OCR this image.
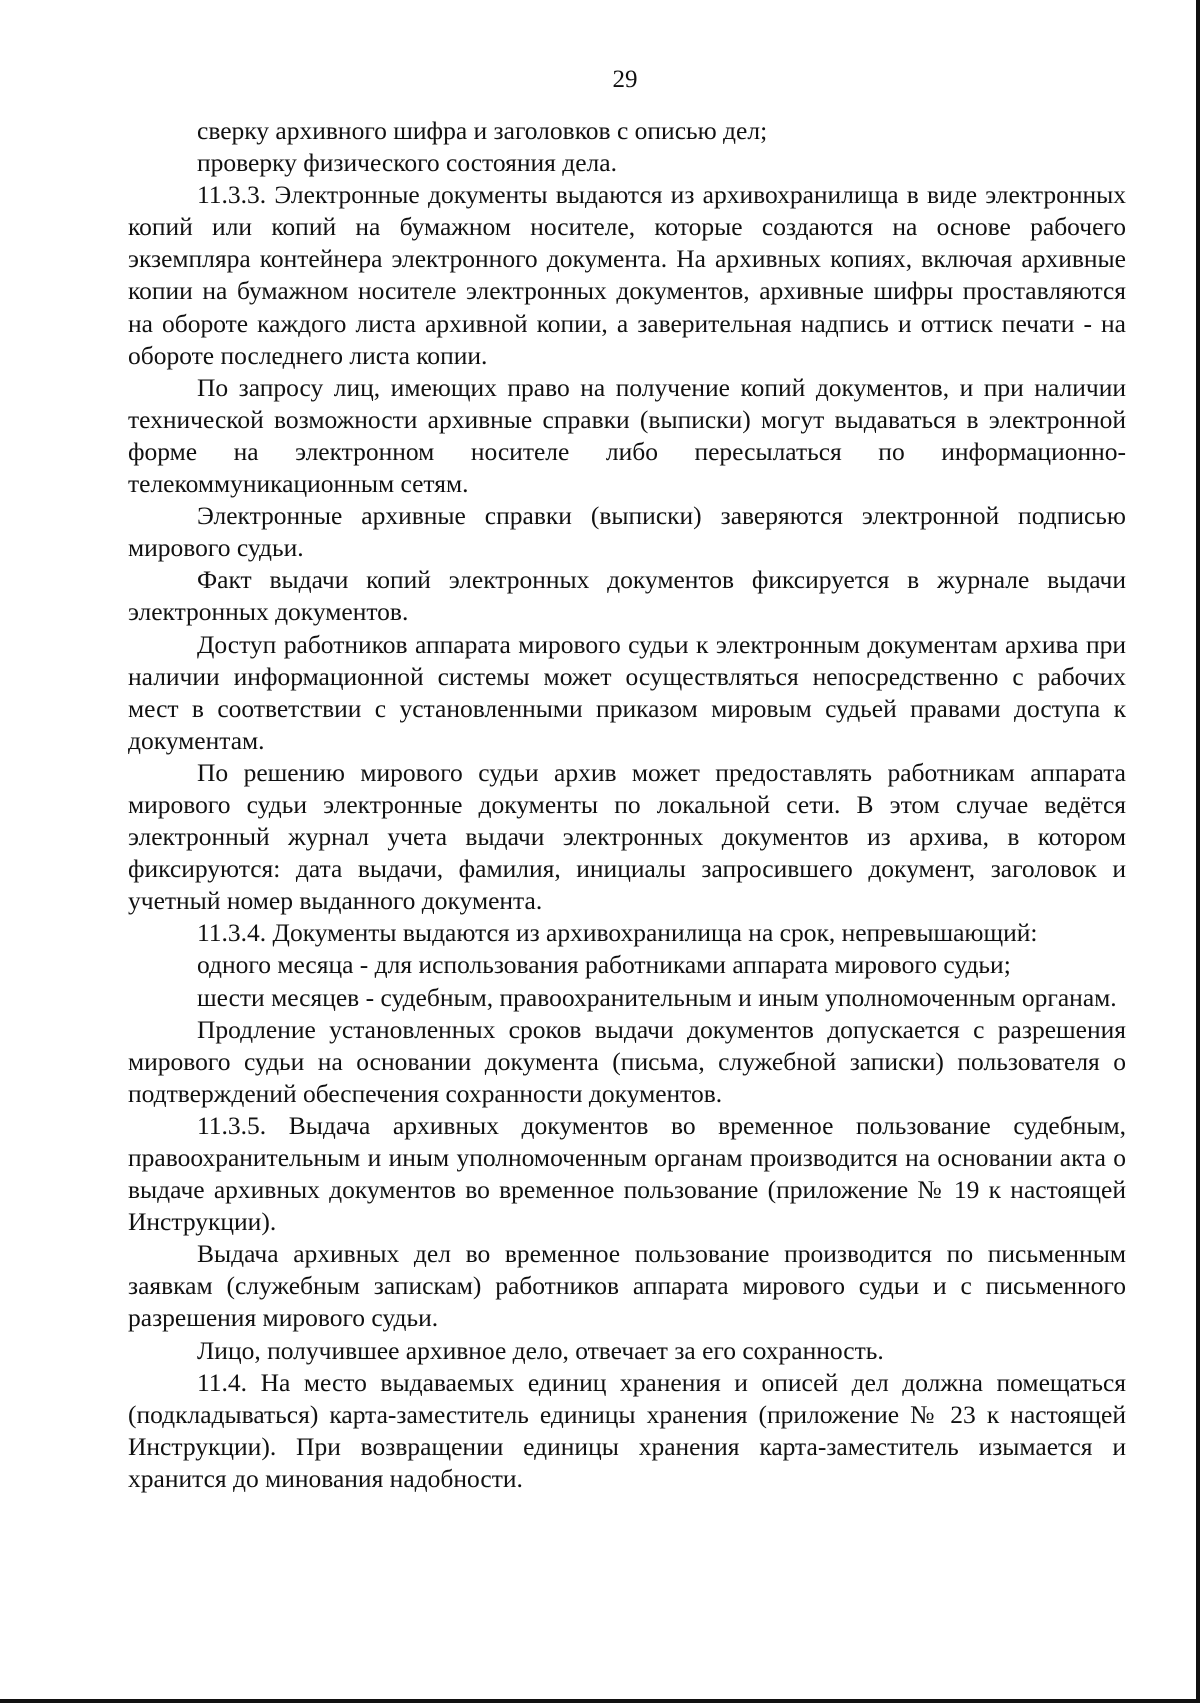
29

сверку архивного шифра и заголовков с описью дел;

проверку физического состояния дела.

11.3.3. Электронные документы выдаются из архивохранилища в виде электронных копий или копий на бумажном носителе, которые создаются на основе рабочего экземпляра контейнера электронного документа. На архивных копиях, включая архивные копии на бумажном носителе электронных документов, архивные шифры проставляются на обороте каждого листа архивной копии, а заверительная надпись и оттиск печати - на обороте последнего листа копии.

По запросу лиц, имеющих право на получение копий документов, и при наличии технической возможности архивные справки (выписки) могут выдаваться в электронной форме на электронном носителе либо пересылаться по информационно-телекоммуникационным сетям.

Электронные архивные справки (выписки) заверяются электронной подписью мирового судьи.

Факт выдачи копий электронных документов фиксируется в журнале выдачи электронных документов.

Доступ работников аппарата мирового судьи к электронным документам архива при наличии информационной системы может осуществляться непосредственно с рабочих мест в соответствии с установленными приказом мировым судьей правами доступа к документам.

По решению мирового судьи архив может предоставлять работникам аппарата мирового судьи электронные документы по локальной сети. В этом случае ведётся электронный журнал учета выдачи электронных документов из архива, в котором фиксируются: дата выдачи, фамилия, инициалы запросившего документ, заголовок и учетный номер выданного документа.

11.3.4. Документы выдаются из архивохранилища на срок, непревышающий:

одного месяца - для использования работниками аппарата мирового судьи;

шести месяцев - судебным, правоохранительным и иным уполномоченным органам.

Продление установленных сроков выдачи документов допускается с разрешения мирового судьи на основании документа (письма, служебной записки) пользователя о подтверждений обеспечения сохранности документов.

11.3.5. Выдача архивных документов во временное пользование судебным, правоохранительным и иным уполномоченным органам производится на основании акта о выдаче архивных документов во временное пользование (приложение № 19 к настоящей Инструкции).

Выдача архивных дел во временное пользование производится по письменным заявкам (служебным запискам) работников аппарата мирового судьи и с письменного разрешения мирового судьи.

Лицо, получившее архивное дело, отвечает за его сохранность.

11.4. На место выдаваемых единиц хранения и описей дел должна помещаться (подкладываться) карта-заместитель единицы хранения (приложение № 23 к настоящей Инструкции). При возвращении единицы хранения карта-заместитель изымается и хранится до минования надобности.
